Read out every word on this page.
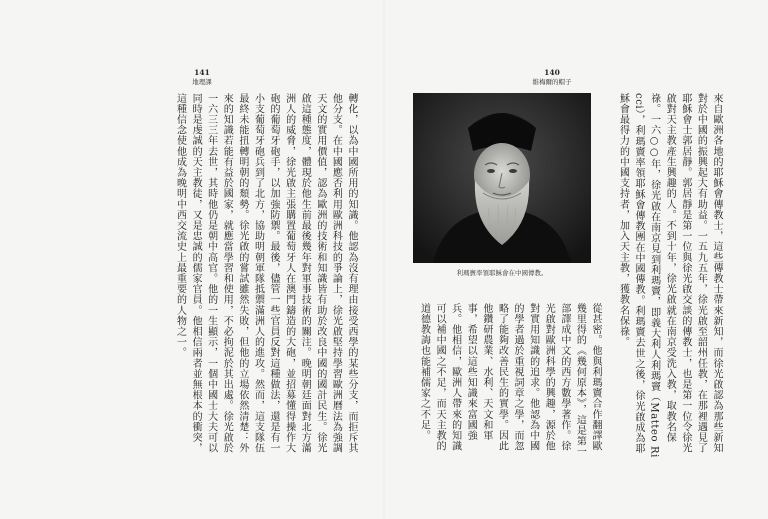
141
地理課
轉化，以為中國所用的知識。他認為沒有理由接受西學的某些分支，而拒斥其他分支。在中國應否利用歐洲科技的爭論上，徐光啟堅持學習歐洲曆法為強調天文的實用價值，認為歐洲的技術和知識皆有助於改良中國的國計民生。徐光啟這種態度，體現於他生前最後幾年對軍事技術的關注。晚明朝廷面對北方滿洲人的威脅，徐光啟主張購置葡萄牙人在澳門鑄造的大砲，並招募懂得操作大砲的葡萄牙砲手，以加強防禦。最後，儘管一些官員反對這種做法，還是有一小支葡萄牙砲兵到了北方，協助明朝軍隊抵禦滿洲人的進攻。然而，這支隊伍最終未能扭轉明朝的頹勢。徐光啟的嘗試雖然失敗，但他的立場依然清楚：外來的知識若能有益於國家，就應當學習和使用，不必拘泥於其出處。徐光啟於一六三三年去世，其時他仍是朝中高官。他的一生顯示，一個中國士大夫可以同時是虔誠的天主教徒，又是忠誠的儒家官員。他相信兩者並無根本的衝突，這種信念使他成為晚明中西交流史上最重要的人物之一。
140
維梅爾的帽子
來自歐洲各地的耶穌會傳教士，這些傳教士帶來新知，而徐光啟認為那些新知對於中國的振興起大有助益。一五九五年，徐光啟至韶州任教，在那裡遇見了耶穌會士郭居靜。郭居靜是第一位與徐光啟交談的傳教士，也是第一位令徐光啟對天主教產生興趣的人。不到十年，徐光啟就在南京受洗入教，取教名保祿。一六○○年，徐光啟在南京見到利瑪竇，即義大利人利瑪竇（Matteo Ricci），利瑪竇率領耶穌會傳教團在中國傳教。利瑪竇去世之後，徐光啟成為耶穌會最得力的中國支持者，加入天主教，獲教名保祿。
利瑪竇率領耶穌會在中國傳教。
從甚密。他與利瑪竇合作翻譯歐幾里得的《幾何原本》，這是第一部譯成中文的西方數學著作。徐光啟對歐洲科學的興趣，源於他對實用知識的追求。他認為中國的學者過於重視詞章之學，而忽略了能夠改善民生的實學。因此他鑽研農業、水利、天文和軍事，希望以這些知識來富國強兵。他相信，歐洲人帶來的知識可以補中國之不足，而天主教的道德教誨也能補儒家之不足。
